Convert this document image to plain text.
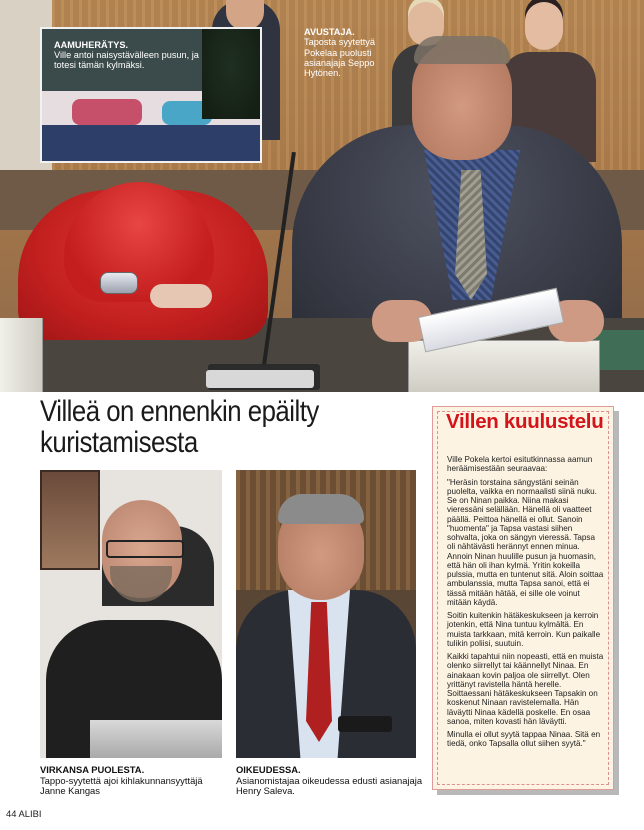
AAMUHERÄTYS.
Ville antoi naisystävälleen pusun, ja totesi tämän kylmäksi.
AVUSTAJA.
Taposta syytettyä Pokelaa puolusti asianajaja Seppo Hytönen.
Villeä on ennenkin epäilty kuristamisesta
VIRKANSA PUOLESTA.
Tappo-syytettä ajoi kihlakunnansyyttäjä Janne Kangas
OIKEUDESSA.
Asianomistajaa oikeudessa edusti asianajaja Henry Saleva.
44 ALIBI
Villen kuulustelu

Ville Pokela kertoi esitutkinnassa aamun heräämisestään seuraavaa:

"Heräsin torstaina sängystäni seinän puolelta, vaikka en normaalisti siinä nuku. Se on Ninan paikka. Niina makasi vieressäni selällään. Hänellä oli vaatteet päällä. Peittoa hänellä ei ollut. Sanoin "huomenta" ja Tapsa vastasi siihen sohvalta, joka on sängyn vieressä. Tapsa oli nähtävästi herännyt ennen minua. Annoin Ninan huulille pusun ja huomasin, että hän oli ihan kylmä. Yritin kokeilla pulssia, mutta en tuntenut sitä. Aloin soittaa ambulanssia, mutta Tapsa sanoi, että ei tässä mitään hätää, ei sille ole voinut mitään käydä.

Soitin kuitenkin hätäkeskukseen ja kerroin jotenkin, että Nina tuntuu kylmältä. En muista tarkkaan, mitä kerroin. Kun paikalle tulikin poliisi, suutuin.

Kaikki tapahtui niin nopeasti, että en muista olenko siirrellyt tai käännellyt Ninaa. En ainakaan kovin paljoa ole siirrellyt. Olen yrittänyt ravistella häntä herelle. Soittaessani hätäkeskukseen Tapsakin on koskenut Ninaan ravistelemalla. Hän läväytti Ninaa kädellä poskelle. En osaa sanoa, miten kovasti hän läväytti.

Minulla ei ollut syytä tappaa Ninaa. Sitä en tiedä, onko Tapsalla ollut siihen syytä."
